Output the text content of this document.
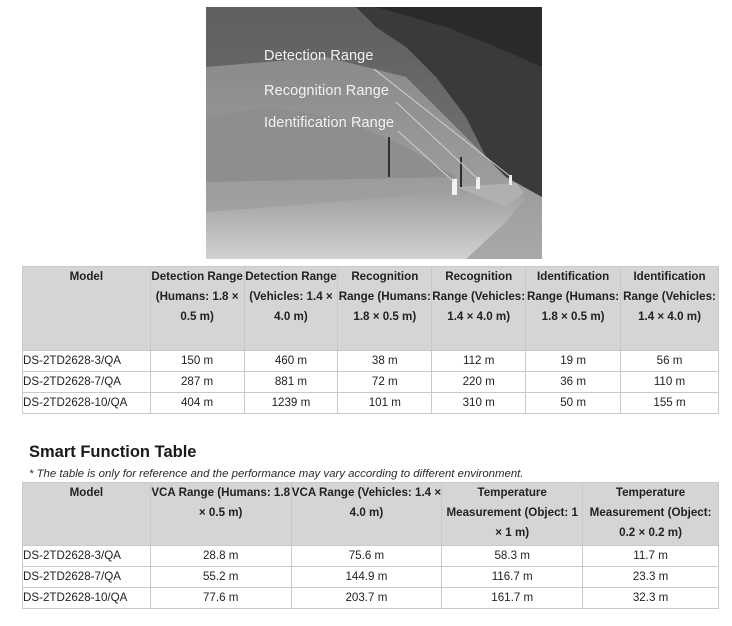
Detection Range
Recognition Range
Identification Range
Model	Detection Range (Humans: 1.8 × 0.5 m)	Detection Range (Vehicles: 1.4 × 4.0 m)	Recognition Range (Humans: 1.8 × 0.5 m)	Recognition Range (Vehicles: 1.4 × 4.0 m)	Identification Range (Humans: 1.8 × 0.5 m)	Identification Range (Vehicles: 1.4 × 4.0 m)
DS-2TD2628-3/QA	150 m	460 m	38 m	112 m	19 m	56 m
DS-2TD2628-7/QA	287 m	881 m	72 m	220 m	36 m	110 m
DS-2TD2628-10/QA	404 m	1239 m	101 m	310 m	50 m	155 m
Smart Function Table
* The table is only for reference and the performance may vary according to different environment.
Model	VCA Range (Humans: 1.8 × 0.5 m)	VCA Range (Vehicles: 1.4 × 4.0 m)	Temperature Measurement (Object: 1 × 1 m)	Temperature Measurement (Object: 0.2 × 0.2 m)
DS-2TD2628-3/QA	28.8 m	75.6 m	58.3 m	11.7 m
DS-2TD2628-7/QA	55.2 m	144.9 m	116.7 m	23.3 m
DS-2TD2628-10/QA	77.6 m	203.7 m	161.7 m	32.3 m
